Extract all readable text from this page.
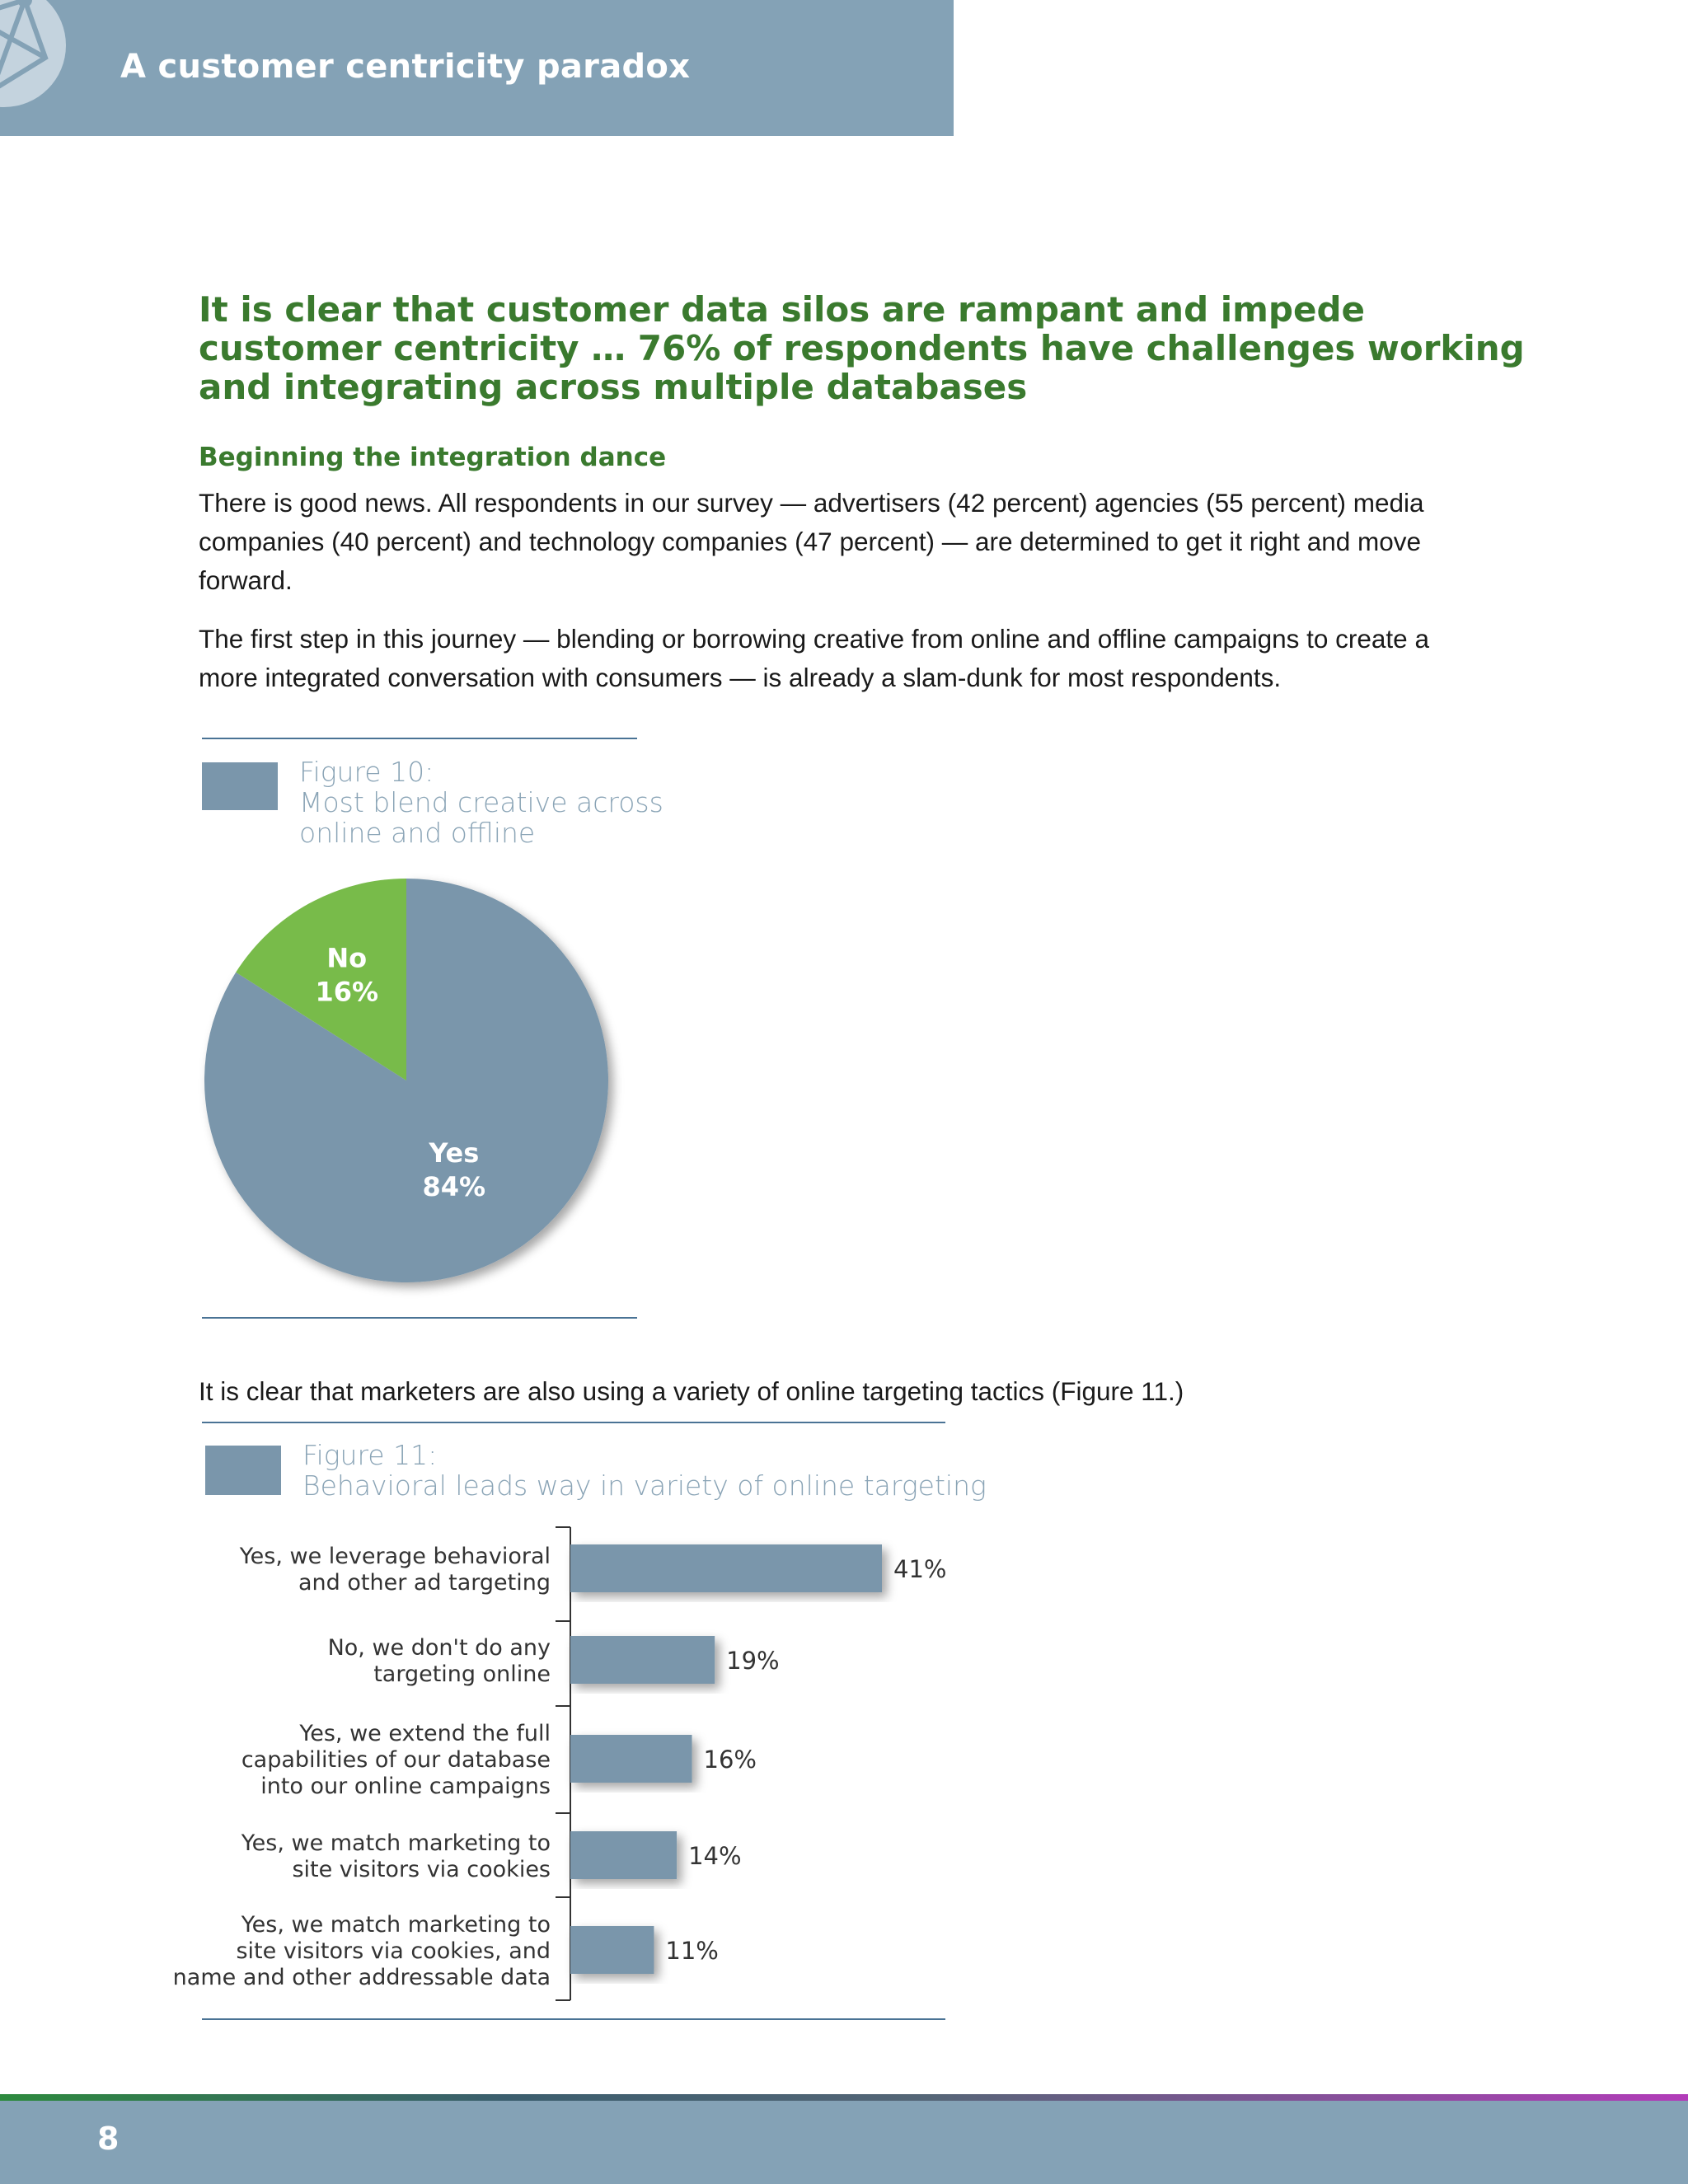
A customer centricity paradox
It is clear that customer data silos are rampant and impede customer centricity … 76% of respondents have challenges working and integrating across multiple databases
Beginning the integration dance
There is good news. All respondents in our survey — advertisers (42 percent) agencies (55 percent) media companies (40 percent) and technology companies (47 percent) — are determined to get it right and move forward.
The first step in this journey — blending or borrowing creative from online and offline campaigns to create a more integrated conversation with consumers — is already a slam-dunk for most respondents.
Figure 10:
Most blend creative across
online and offline
It is clear that marketers are also using a variety of online targeting tactics (Figure 11.)
Figure 11:
Behavioral leads way in variety of online targeting
Yes
84%
No
16%
41%
Yes, we leverage behavioral
and other ad targeting
19%
No, we don't do any
targeting online
16%
Yes, we extend the full
capabilities of our database
into our online campaigns
14%
Yes, we match marketing to
site visitors via cookies
11%
Yes, we match marketing to
site visitors via cookies, and
name and other addressable data
8
